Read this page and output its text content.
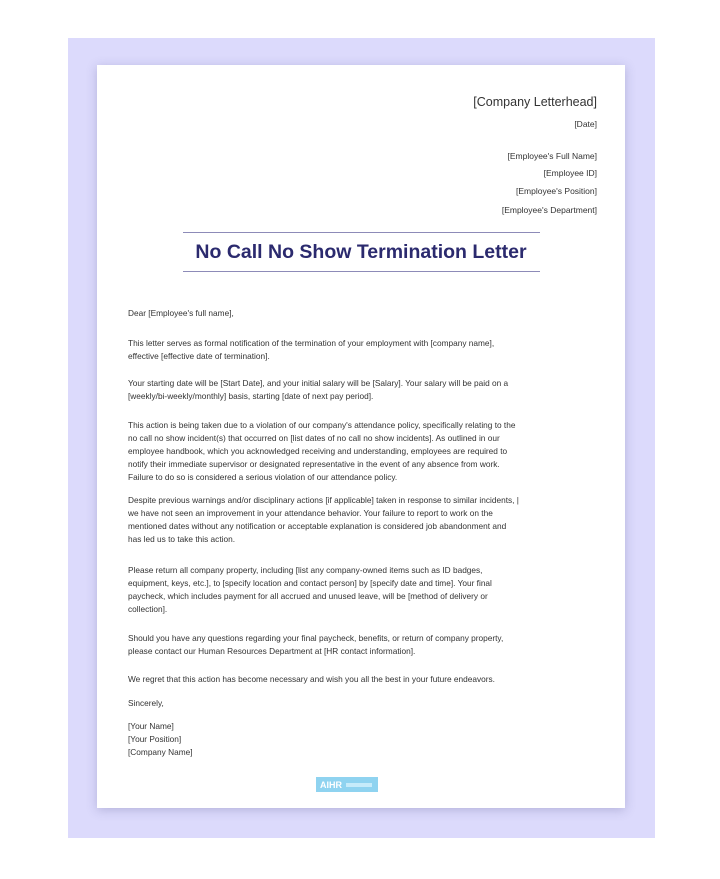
[Company Letterhead]
[Date]
[Employee's Full Name]
[Employee ID]
[Employee's Position]
[Employee's Department]
No Call No Show Termination Letter
Dear [Employee's full name],
This letter serves as formal notification of the termination of your employment with [company name],
effective [effective date of termination].
Your starting date will be [Start Date], and your initial salary will be [Salary]. Your salary will be paid on a
[weekly/bi-weekly/monthly] basis, starting [date of next pay period].
This action is being taken due to a violation of our company's attendance policy, specifically relating to the
no call no show incident(s) that occurred on [list dates of no call no show incidents]. As outlined in our
employee handbook, which you acknowledged receiving and understanding, employees are required to
notify their immediate supervisor or designated representative in the event of any absence from work.
Failure to do so is considered a serious violation of our attendance policy.
Despite previous warnings and/or disciplinary actions [if applicable] taken in response to similar incidents, |
we have not seen an improvement in your attendance behavior. Your failure to report to work on the
mentioned dates without any notification or acceptable explanation is considered job abandonment and
has led us to take this action.
Please return all company property, including [list any company-owned items such as ID badges,
equipment, keys, etc.], to [specify location and contact person] by [specify date and time]. Your final
paycheck, which includes payment for all accrued and unused leave, will be [method of delivery or
collection].
Should you have any questions regarding your final paycheck, benefits, or return of company property,
please contact our Human Resources Department at [HR contact information].
We regret that this action has become necessary and wish you all the best in your future endeavors.
Sincerely,
[Your Name]
[Your Position]
[Company Name]
AIHR
